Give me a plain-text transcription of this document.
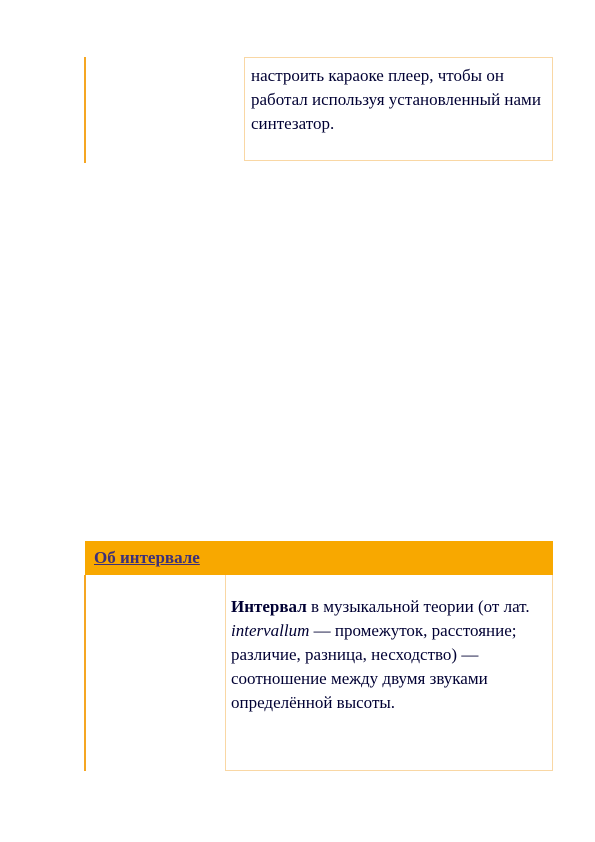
настроить караоке плеер, чтобы он работал используя установленный нами синтезатор.

Об интервале

Интервал в музыкальной теории (от лат. intervallum — промежуток, расстояние; различие, разница, несходство) — соотношение между двумя звуками определённой высоты.
